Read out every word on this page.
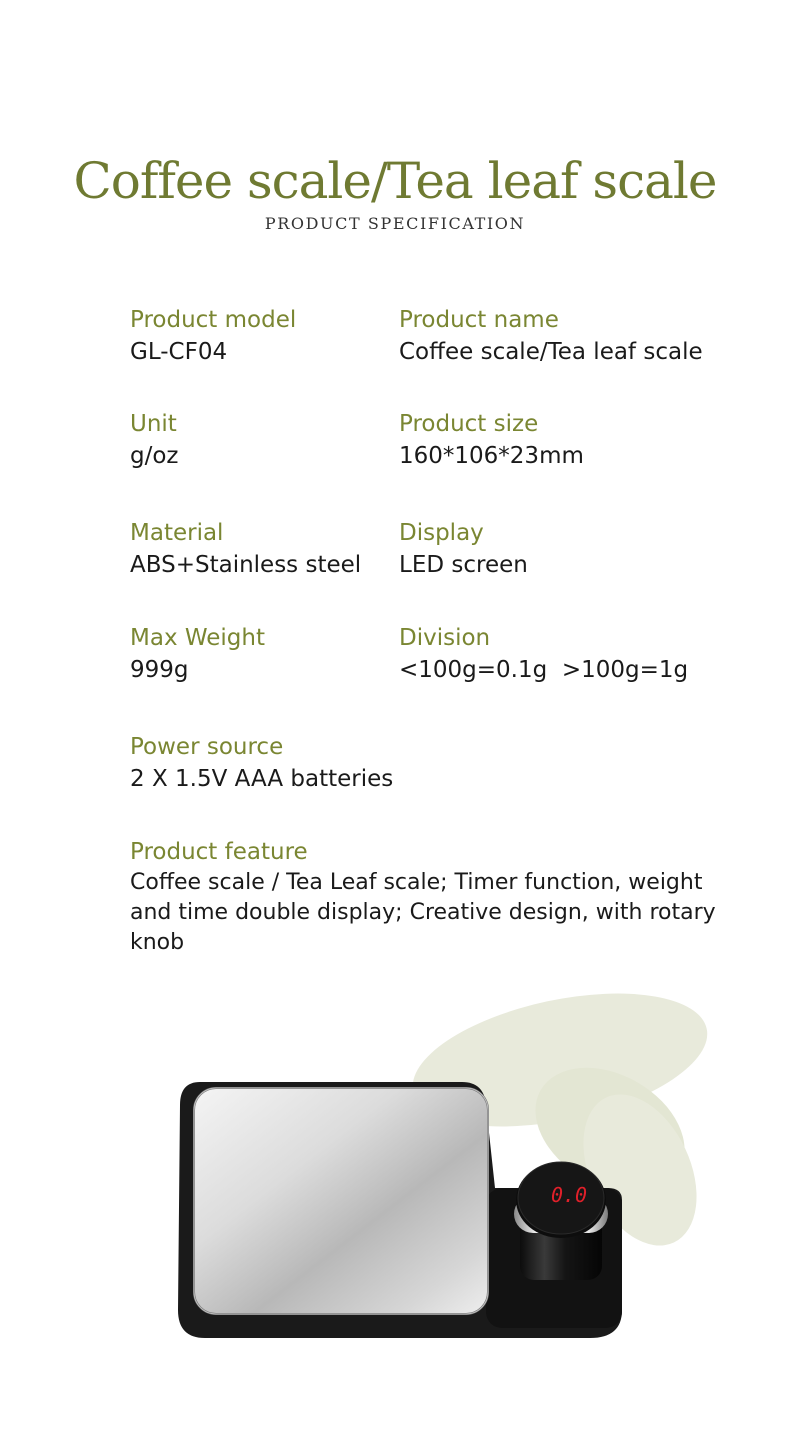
Coffee scale/Tea leaf scale
PRODUCT SPECIFICATION
Product model
GL-CF04
Product name
Coffee scale/Tea leaf scale
Unit
g/oz
Product size
160*106*23mm
Material
ABS+Stainless steel
Display
LED screen
Max Weight
999g
Division
<100g=0.1g  >100g=1g
Power source
2 X 1.5V AAA batteries
Product feature
Coffee scale / Tea Leaf scale; Timer function, weight and time double display; Creative design, with rotary knob
0.0
